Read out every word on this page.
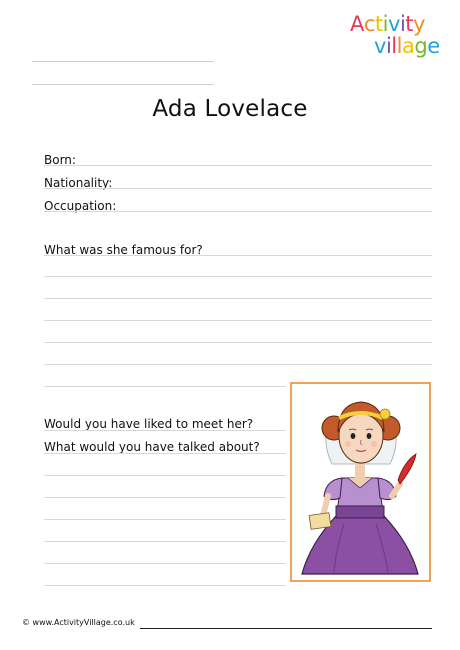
Activity
village
Ada Lovelace
Born:
Nationality:
Occupation:
What was she famous for?
Would you have liked to meet her?
What would you have talked about?
© www.ActivityVillage.co.uk
